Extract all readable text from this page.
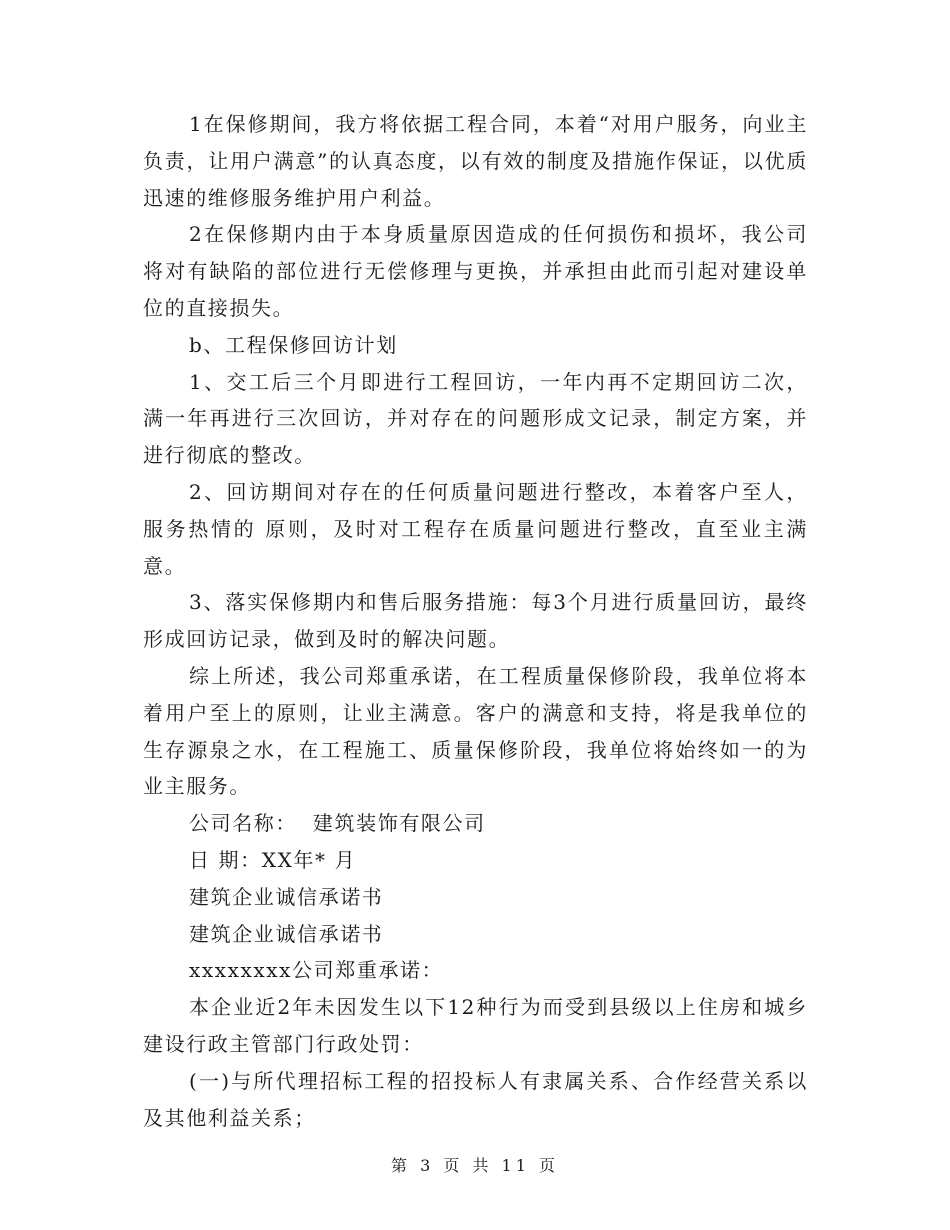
1在保修期间，我方将依据工程合同，本着“对用户服务，向业主负责，让用户满意”的认真态度，以有效的制度及措施作保证，以优质迅速的维修服务维护用户利益。

2在保修期内由于本身质量原因造成的任何损伤和损坏，我公司将对有缺陷的部位进行无偿修理与更换，并承担由此而引起对建设单位的直接损失。

b、工程保修回访计划

1、交工后三个月即进行工程回访，一年内再不定期回访二次，满一年再进行三次回访，并对存在的问题形成文记录，制定方案，并进行彻底的整改。

2、回访期间对存在的任何质量问题进行整改，本着客户至人，服务热情的 原则，及时对工程存在质量问题进行整改，直至业主满意。

3、落实保修期内和售后服务措施：每3个月进行质量回访，最终形成回访记录，做到及时的解决问题。

综上所述，我公司郑重承诺，在工程质量保修阶段，我单位将本着用户至上的原则，让业主满意。客户的满意和支持，将是我单位的生存源泉之水，在工程施工、质量保修阶段，我单位将始终如一的为业主服务。

公司名称：  建筑装饰有限公司

日 期：XX年* 月

建筑企业诚信承诺书

建筑企业诚信承诺书

xxxxxxxx公司郑重承诺：

本企业近2年未因发生以下12种行为而受到县级以上住房和城乡建设行政主管部门行政处罚：

(一)与所代理招标工程的招投标人有隶属关系、合作经营关系以及其他利益关系；

第 3 页 共 11 页
